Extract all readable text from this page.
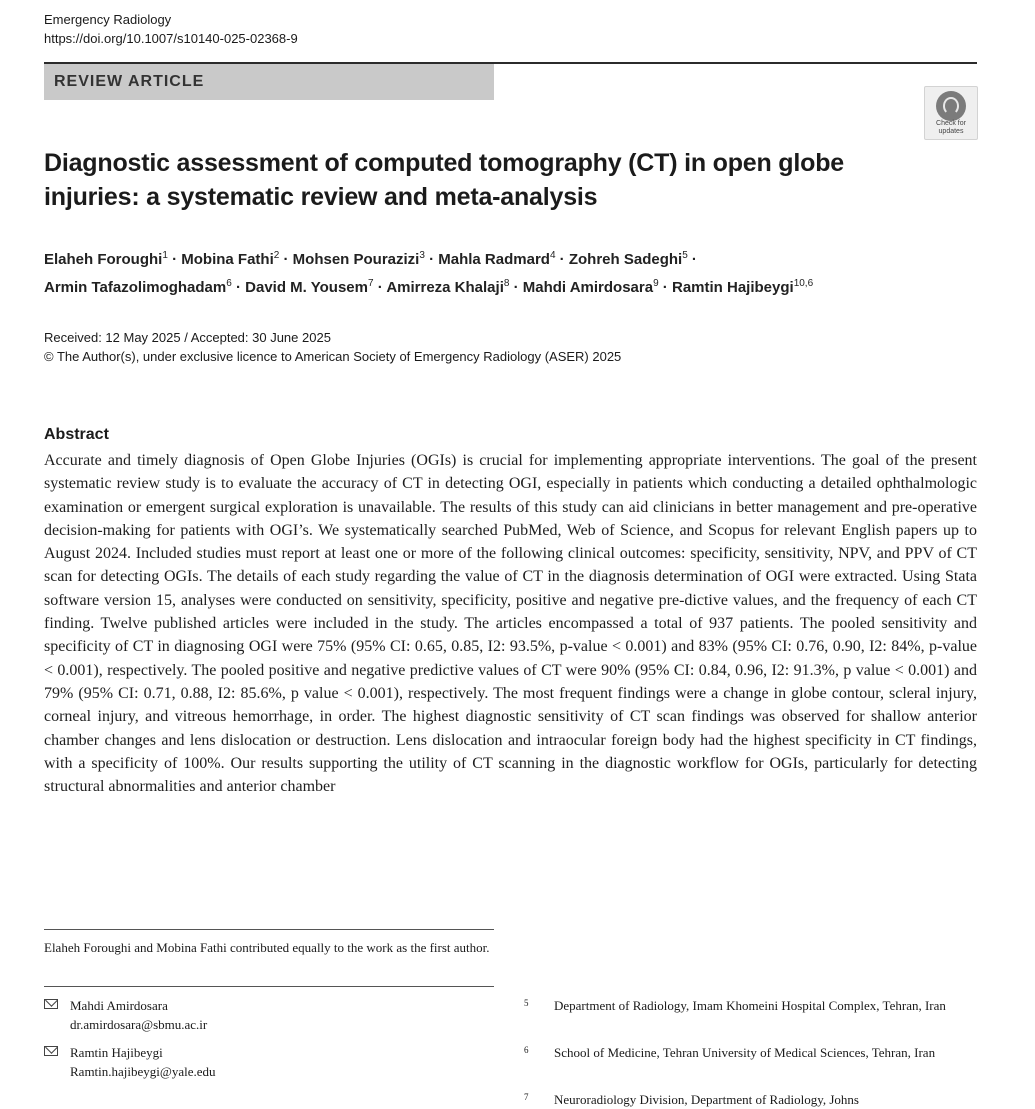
Emergency Radiology
https://doi.org/10.1007/s10140-025-02368-9
REVIEW ARTICLE
Check for updates
Diagnostic assessment of computed tomography (CT) in open globe
injuries: a systematic review and meta-analysis
Elaheh Foroughi$^1$ · Mobina Fathi$^2$ · Mohsen Pourazizi$^3$ · Mahla Radmard$^4$ · Zohreh Sadeghi$^5$ ·
Armin Tafazolimoghadam$^6$ · David M. Yousem$^7$ · Amirreza Khalaji$^8$ · Mahdi Amirdosara$^9$ · Ramtin Hajibeygi$^{10,6}$
Received: 12 May 2025 / Accepted: 30 June 2025
© The Author(s), under exclusive licence to American Society of Emergency Radiology (ASER) 2025
Abstract

Accurate and timely diagnosis of Open Globe Injuries (OGIs) is crucial for implementing appropriate interventions. The goal of the present systematic review study is to evaluate the accuracy of CT in detecting OGI, especially in patients which conducting a detailed ophthalmologic examination or emergent surgical exploration is unavailable. The results of this study can aid clinicians in better management and pre-operative decision-making for patients with OGI’s. We systematically searched PubMed, Web of Science, and Scopus for relevant English papers up to August 2024. Included studies must report at least one or more of the following clinical outcomes: specificity, sensitivity, NPV, and PPV of CT scan for detecting OGIs. The details of each study regarding the value of CT in the diagnosis determination of OGI were extracted. Using Stata software version 15, analyses were conducted on sensitivity, specificity, positive and negative pre-dictive values, and the frequency of each CT finding. Twelve published articles were included in the study. The articles encompassed a total of 937 patients. The pooled sensitivity and specificity of CT in diagnosing OGI were 75% (95% CI: 0.65, 0.85, I2: 93.5%, p-value < 0.001) and 83% (95% CI: 0.76, 0.90, I2: 84%, p-value < 0.001), respectively. The pooled positive and negative predictive values of CT were 90% (95% CI: 0.84, 0.96, I2: 91.3%, p value < 0.001) and 79% (95% CI: 0.71, 0.88, I2: 85.6%, p value < 0.001), respectively. The most frequent findings were a change in globe contour, scleral injury, corneal injury, and vitreous hemorrhage, in order. The highest diagnostic sensitivity of CT scan findings was observed for shallow anterior chamber changes and lens dislocation or destruction. Lens dislocation and intraocular foreign body had the highest specificity in CT findings, with a specificity of 100%. Our results supporting the utility of CT scanning in the diagnostic workflow for OGIs, particularly for detecting structural abnormalities and anterior chamber

Elaheh Foroughi and Mobina Fathi contributed equally to the work as the first author.
Mahdi Amirdosara
dr.amirdosara@sbmu.ac.ir
Ramtin Hajibeygi
Ramtin.hajibeygi@yale.edu
5 Department of Radiology, Imam Khomeini Hospital Complex, Tehran, Iran
6 School of Medicine, Tehran University of Medical Sciences, Tehran, Iran
7 Neuroradiology Division, Department of Radiology, Johns
